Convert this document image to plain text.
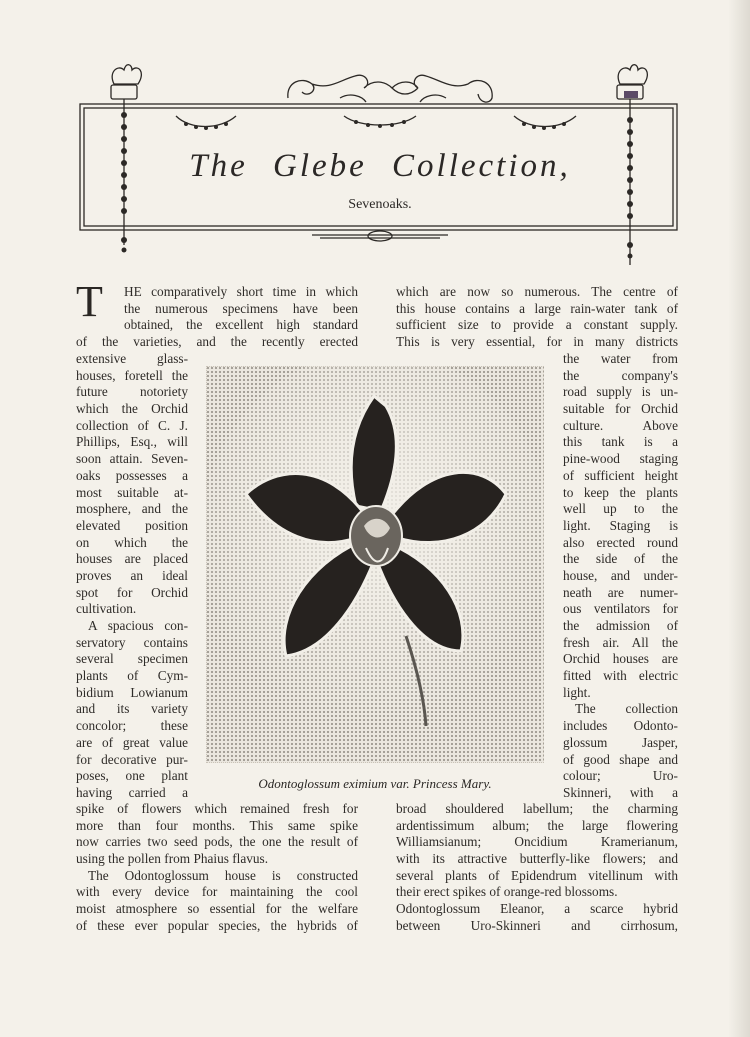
The Glebe Collection,
Sevenoaks.
T HE comparatively short time in which
the numerous specimens have been
obtained, the excellent high standard
of the varieties, and the recently erected
extensive glass-
houses, foretell the
future notoriety
which the Orchid
collection of C. J.
Phillips, Esq., will
soon attain. Seven-
oaks possesses a
most suitable at-
mosphere, and the
elevated position
on which the
houses are placed
proves an ideal
spot for Orchid
cultivation.
A spacious con-
servatory contains
several specimen
plants of Cym-
bidium Lowianum
and its variety
concolor; these
are of great value
for decorative pur-
poses, one plant
having carried a
spike of flowers which remained fresh for
more than four months. This same spike
now carries two seed pods, the one the result of
using the pollen from Phaius flavus.
The Odontoglossum house is constructed
with every device for maintaining the cool
moist atmosphere so essential for the welfare
of these ever popular species, the hybrids of
which are now so numerous. The centre of
this house contains a large rain-water tank of
sufficient size to provide a constant supply.
This is very essential, for in many districts
the water from
the company's
road supply is un-
suitable for Orchid
culture. Above
this tank is a
pine-wood staging
of sufficient height
to keep the plants
well up to the
light. Staging is
also erected round
the side of the
house, and under-
neath are numer-
ous ventilators for
the admission of
fresh air. All the
Orchid houses are
fitted with electric
light.
The collection
includes Odonto-
glossum Jasper,
of good shape and
colour; Uro-
Skinneri, with a
broad shouldered labellum; the charming
ardentissimum album; the large flowering
Williamsianum; Oncidium Kramerianum,
with its attractive butterfly-like flowers; and
several plants of Epidendrum vitellinum with
their erect spikes of orange-red blossoms.
Odontoglossum Eleanor, a scarce hybrid
between Uro-Skinneri and cirrhosum,
Odontoglossum eximium var. Princess Mary.
